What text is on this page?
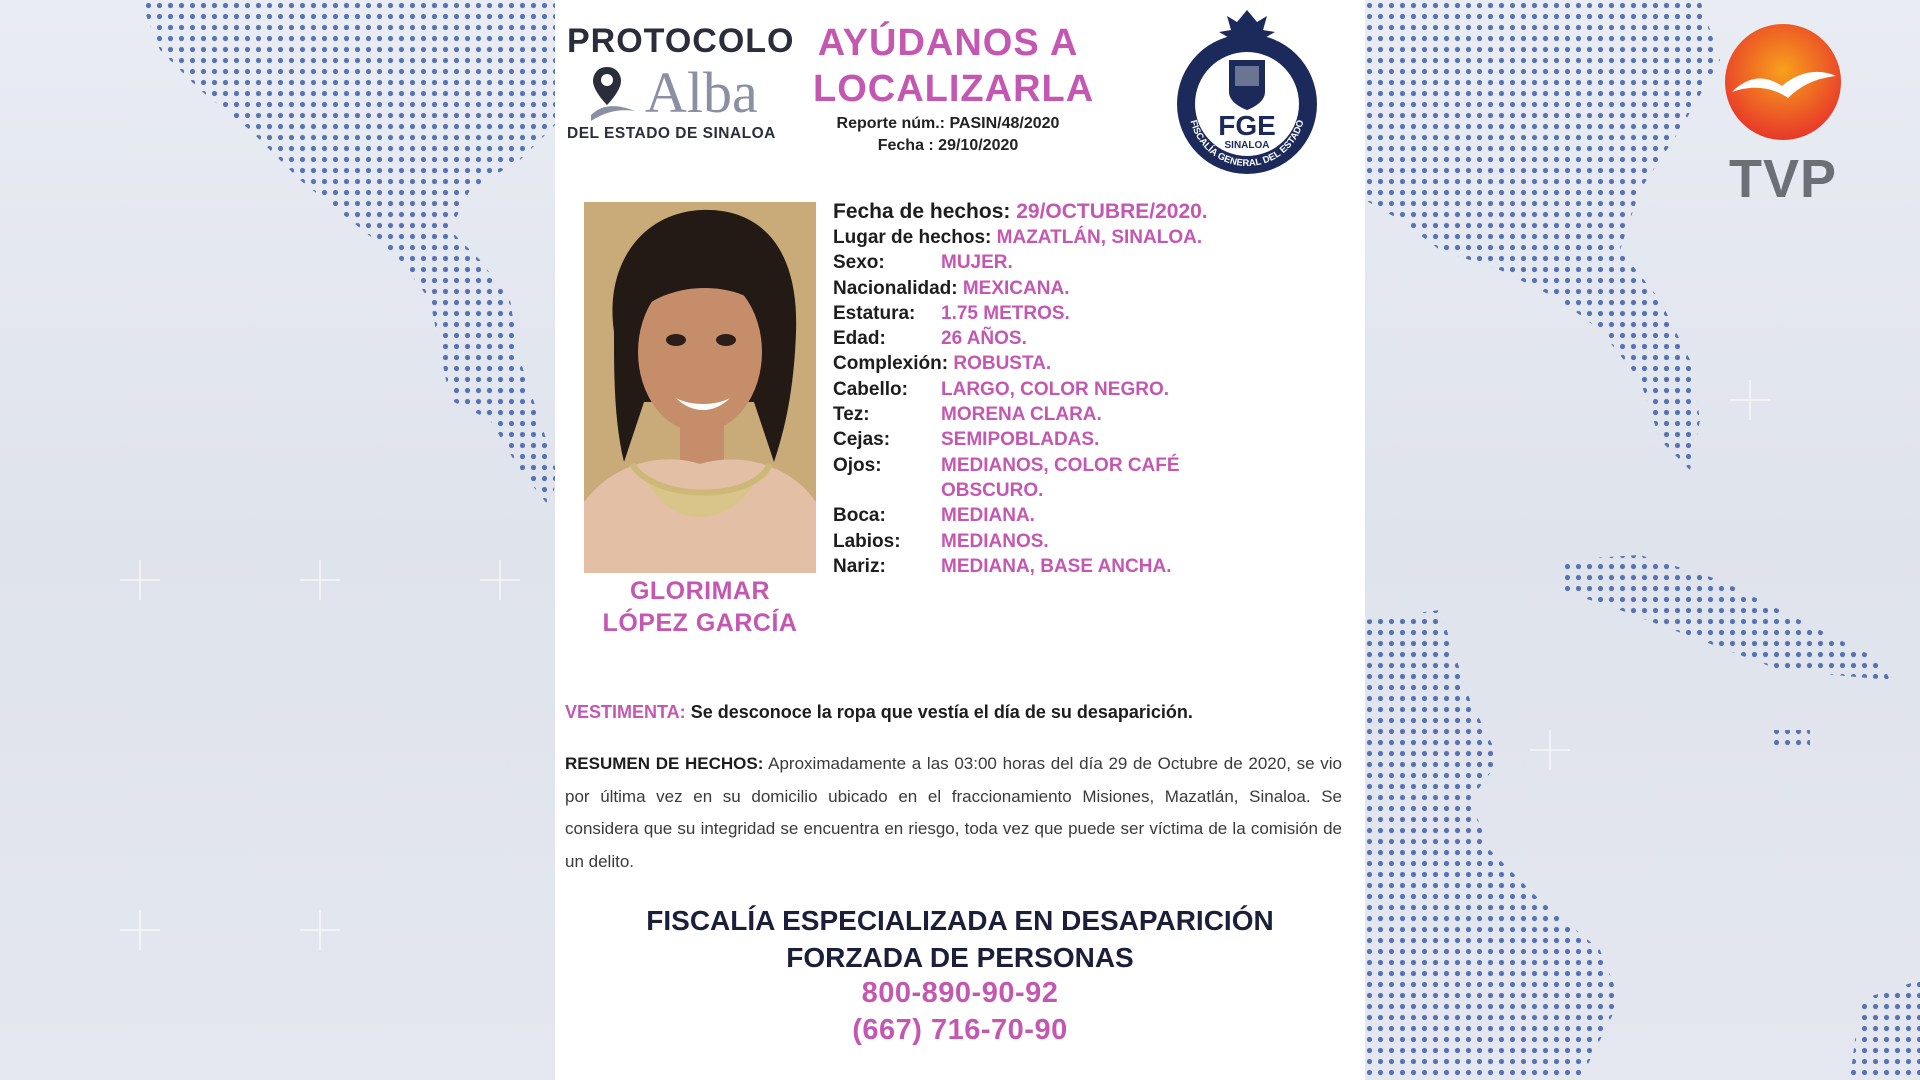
PROTOCOLO
Alba
DEL ESTADO DE SINALOA
AYÚDANOS A
LOCALIZARLA
Reporte núm.: PASIN/48/2020
Fecha : 29/10/2020
FGE
SINALOA
FISCALÍA GENERAL DEL ESTADO
GLORIMAR
LÓPEZ GARCÍA
Fecha de hechos: 29/OCTUBRE/2020.
Lugar de hechos: MAZATLÁN, SINALOA.
Sexo:	MUJER.
Nacionalidad: MEXICANA.
Estatura: 1.75 METROS.
Edad:	26 AÑOS.
Complexión: ROBUSTA.
Cabello: LARGO, COLOR NEGRO.
Tez:	MORENA CLARA.
Cejas:	SEMIPOBLADAS.
Ojos:	MEDIANOS, COLOR CAFÉ OBSCURO.
Boca:	MEDIANA.
Labios: MEDIANOS.
Nariz:	MEDIANA, BASE ANCHA.
VESTIMENTA: Se desconoce la ropa que vestía el día de su desaparición.
RESUMEN DE HECHOS: Aproximadamente a las 03:00 horas del día 29 de Octubre de 2020, se vio por última vez en su domicilio ubicado en el fraccionamiento Misiones, Mazatlán, Sinaloa. Se considera que su integridad se encuentra en riesgo, toda vez que puede ser víctima de la comisión de un delito.
FISCALÍA ESPECIALIZADA EN DESAPARICIÓN
FORZADA DE PERSONAS
800-890-90-92
(667) 716-70-90
TVP
